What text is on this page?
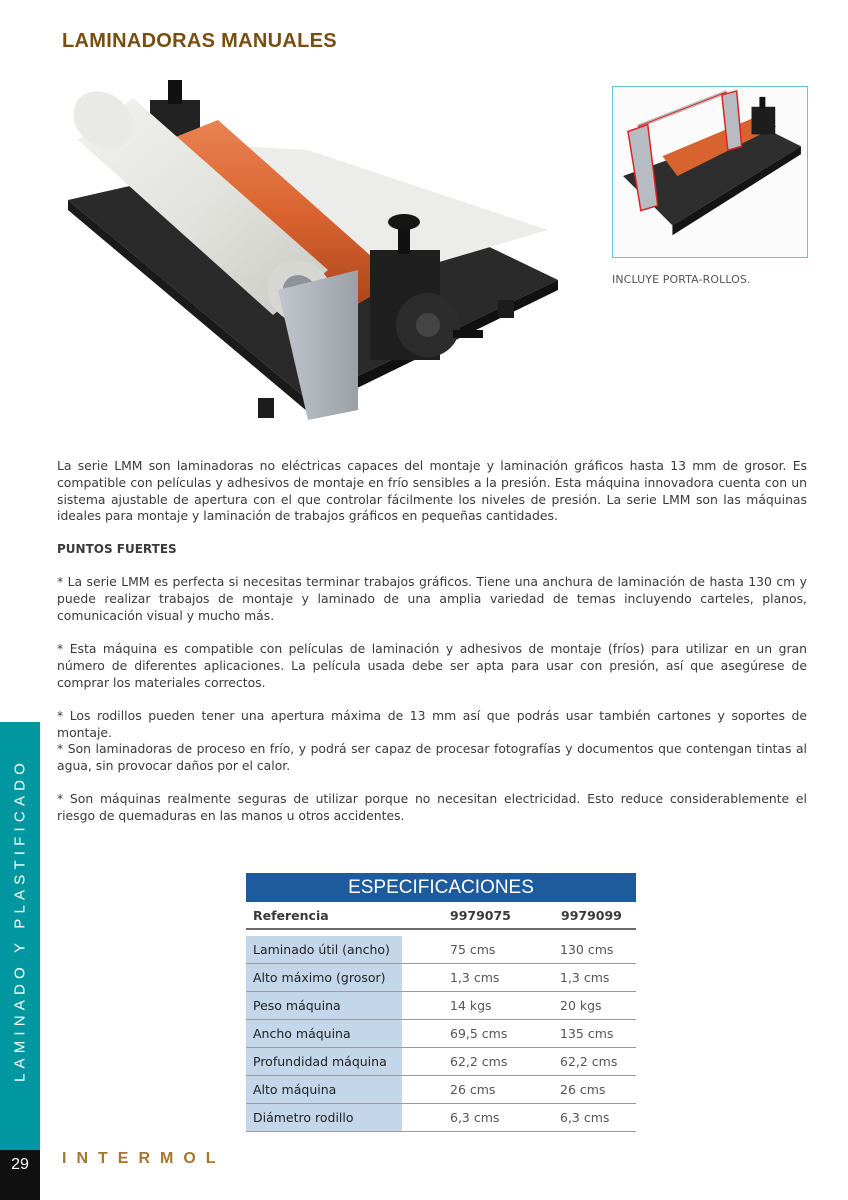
LAMINADORAS MANUALES
INCLUYE PORTA-ROLLOS.

La serie LMM son laminadoras no eléctricas capaces del montaje y laminación gráficos hasta 13 mm de grosor. Es compatible con películas y adhesivos de montaje en frío sensibles a la presión. Esta máquina innovadora cuenta con un sistema ajustable de apertura con el que controlar fácilmente los niveles de presión. La serie LMM son las máquinas ideales para montaje y laminación de trabajos gráficos en pequeñas cantidades.

PUNTOS FUERTES

* La serie LMM es perfecta si necesitas terminar trabajos gráficos. Tiene una anchura de laminación de hasta 130 cm y puede realizar trabajos de montaje y laminado de una amplia variedad de temas incluyendo carteles, planos, comunicación visual y mucho más.

* Esta máquina es compatible con películas de laminación y adhesivos de montaje (fríos) para utilizar en un gran número de diferentes aplicaciones. La película usada debe ser apta para usar con presión, así que asegúrese de comprar los materiales correctos.

* Los rodillos pueden tener una apertura máxima de 13 mm así que podrás usar también cartones y soportes de montaje.

* Son laminadoras de proceso en frío, y podrá ser capaz de procesar fotografías y documentos que contengan tintas al agua, sin provocar daños por el calor.

* Son máquinas realmente seguras de utilizar porque no necesitan electricidad. Esto reduce considerablemente el riesgo de quemaduras en las manos u otros accidentes.

ESPECIFICACIONES
Referencia	9979075	9979099
Laminado útil (ancho)	75 cms	130 cms
Alto máximo (grosor)	1,3 cms	1,3 cms
Peso máquina	14 kgs	20 kgs
Ancho máquina	69,5 cms	135 cms
Profundidad máquina	62,2 cms	62,2 cms
Alto máquina	26 cms	26 cms
Diámetro rodillo	6,3 cms	6,3 cms
LAMINADO Y PLASTIFICADO
29	INTERMOL
